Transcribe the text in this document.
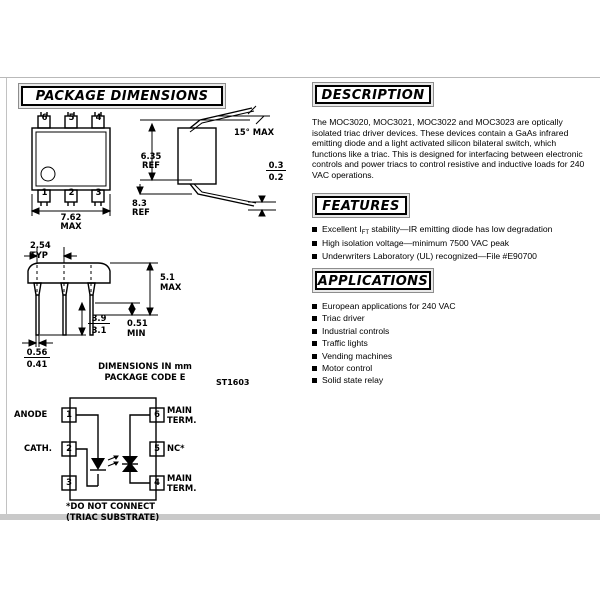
PACKAGE DIMENSIONS	DESCRIPTION
FEATURES
APPLICATIONS
The MOC3020, MOC3021, MOC3022 and MOC3023 are optically isolated triac driver devices. These devices contain a GaAs infrared emitting diode and a light activated silicon bilateral switch, which functions like a triac. This is designed for interfacing between electronic controls and power triacs to control resistive and inductive loads for 240 VAC operations.
Excellent $I_{FT}$ stability—IR emitting diode has low degradation
High isolation voltage—minimum 7500 VAC peak
Underwriters Laboratory (UL) recognized—File #E90700
European applications for 240 VAC
Triac driver
Industrial controls
Traffic lights
Vending machines
Motor control
Solid state relay
6	5	4
1	2	3
7.62
MAX
6.35
REF
8.3
REF
15° MAX
0.3
0.2
2.54
TYP
5.1
MAX
0.51
MIN
3.9
3.1
0.56
0.41	DIMENSIONS IN mm
PACKAGE CODE E
ST1603
ANODE	1
CATH.	2
3
6 MAIN
TERM.
5 NC*
4 MAIN
TERM.
*DO NOT CONNECT
(TRIAC SUBSTRATE)
